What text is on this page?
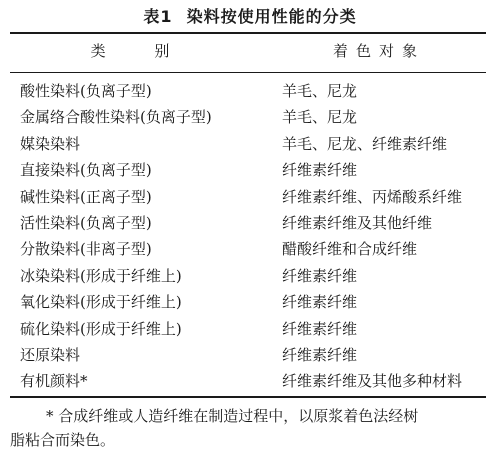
表1 染料按使用性能的分类
类 别	着色对象
酸性染料(负离子型)	羊毛、尼龙
金属络合酸性染料(负离子型)	羊毛、尼龙
媒染染料	羊毛、尼龙、纤维素纤维
直接染料(负离子型)	纤维素纤维
碱性染料(正离子型)	纤维素纤维、丙烯酸系纤维
活性染料(负离子型)	纤维素纤维及其他纤维
分散染料(非离子型)	醋酸纤维和合成纤维
冰染染料(形成于纤维上)	纤维素纤维
氧化染料(形成于纤维上)	纤维素纤维
硫化染料(形成于纤维上)	纤维素纤维
还原染料	纤维素纤维
有机颜料*	纤维素纤维及其他多种材料
* 合成纤维或人造纤维在制造过程中，以原浆着色法经树
脂粘合而染色。
